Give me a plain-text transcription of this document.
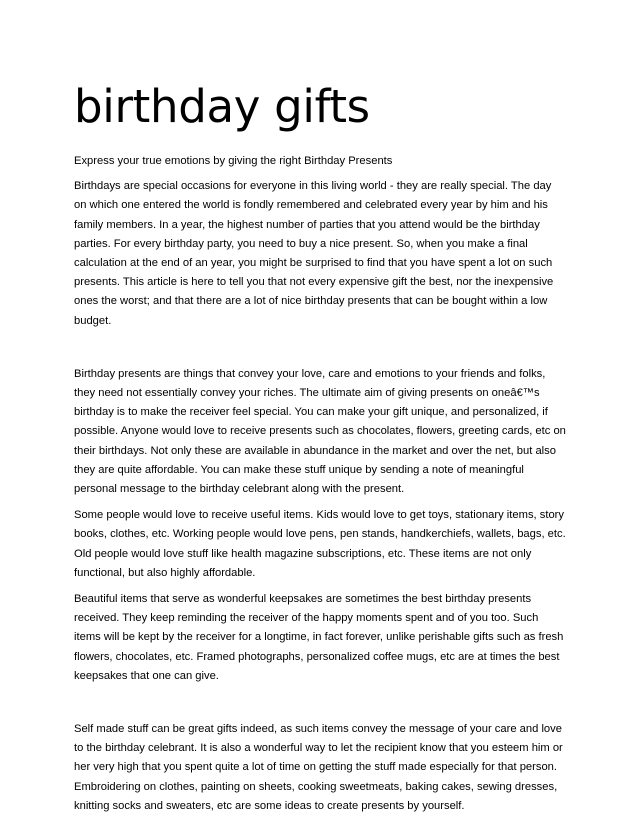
birthday gifts

Express your true emotions by giving the right Birthday Presents

Birthdays are special occasions for everyone in this living world - they are really special. The day on which one entered the world is fondly remembered and celebrated every year by him and his family members. In a year, the highest number of parties that you attend would be the birthday parties. For every birthday party, you need to buy a nice present. So, when you make a final calculation at the end of an year, you might be surprised to find that you have spent a lot on such presents. This article is here to tell you that not every expensive gift the best, nor the inexpensive ones the worst; and that there are a lot of nice birthday presents that can be bought within a low budget.

Birthday presents are things that convey your love, care and emotions to your friends and folks, they need not essentially convey your riches. The ultimate aim of giving presents on oneâ€™s birthday is to make the receiver feel special. You can make your gift unique, and personalized, if possible. Anyone would love to receive presents such as chocolates, flowers, greeting cards, etc on their birthdays. Not only these are available in abundance in the market and over the net, but also they are quite affordable. You can make these stuff unique by sending a note of meaningful personal message to the birthday celebrant along with the present.

Some people would love to receive useful items. Kids would love to get toys, stationary items, story books, clothes, etc. Working people would love pens, pen stands, handkerchiefs, wallets, bags, etc. Old people would love stuff like health magazine subscriptions, etc. These items are not only functional, but also highly affordable.

Beautiful items that serve as wonderful keepsakes are sometimes the best birthday presents received. They keep reminding the receiver of the happy moments spent and of you too. Such items will be kept by the receiver for a longtime, in fact forever, unlike perishable gifts such as fresh flowers, chocolates, etc. Framed photographs, personalized coffee mugs, etc are at times the best keepsakes that one can give.

Self made stuff can be great gifts indeed, as such items convey the message of your care and love to the birthday celebrant. It is also a wonderful way to let the recipient know that you esteem him or her very high that you spent quite a lot of time on getting the stuff made especially for that person. Embroidering on clothes, painting on sheets, cooking sweetmeats, baking cakes, sewing dresses, knitting socks and sweaters, etc are some ideas to create presents by yourself.
